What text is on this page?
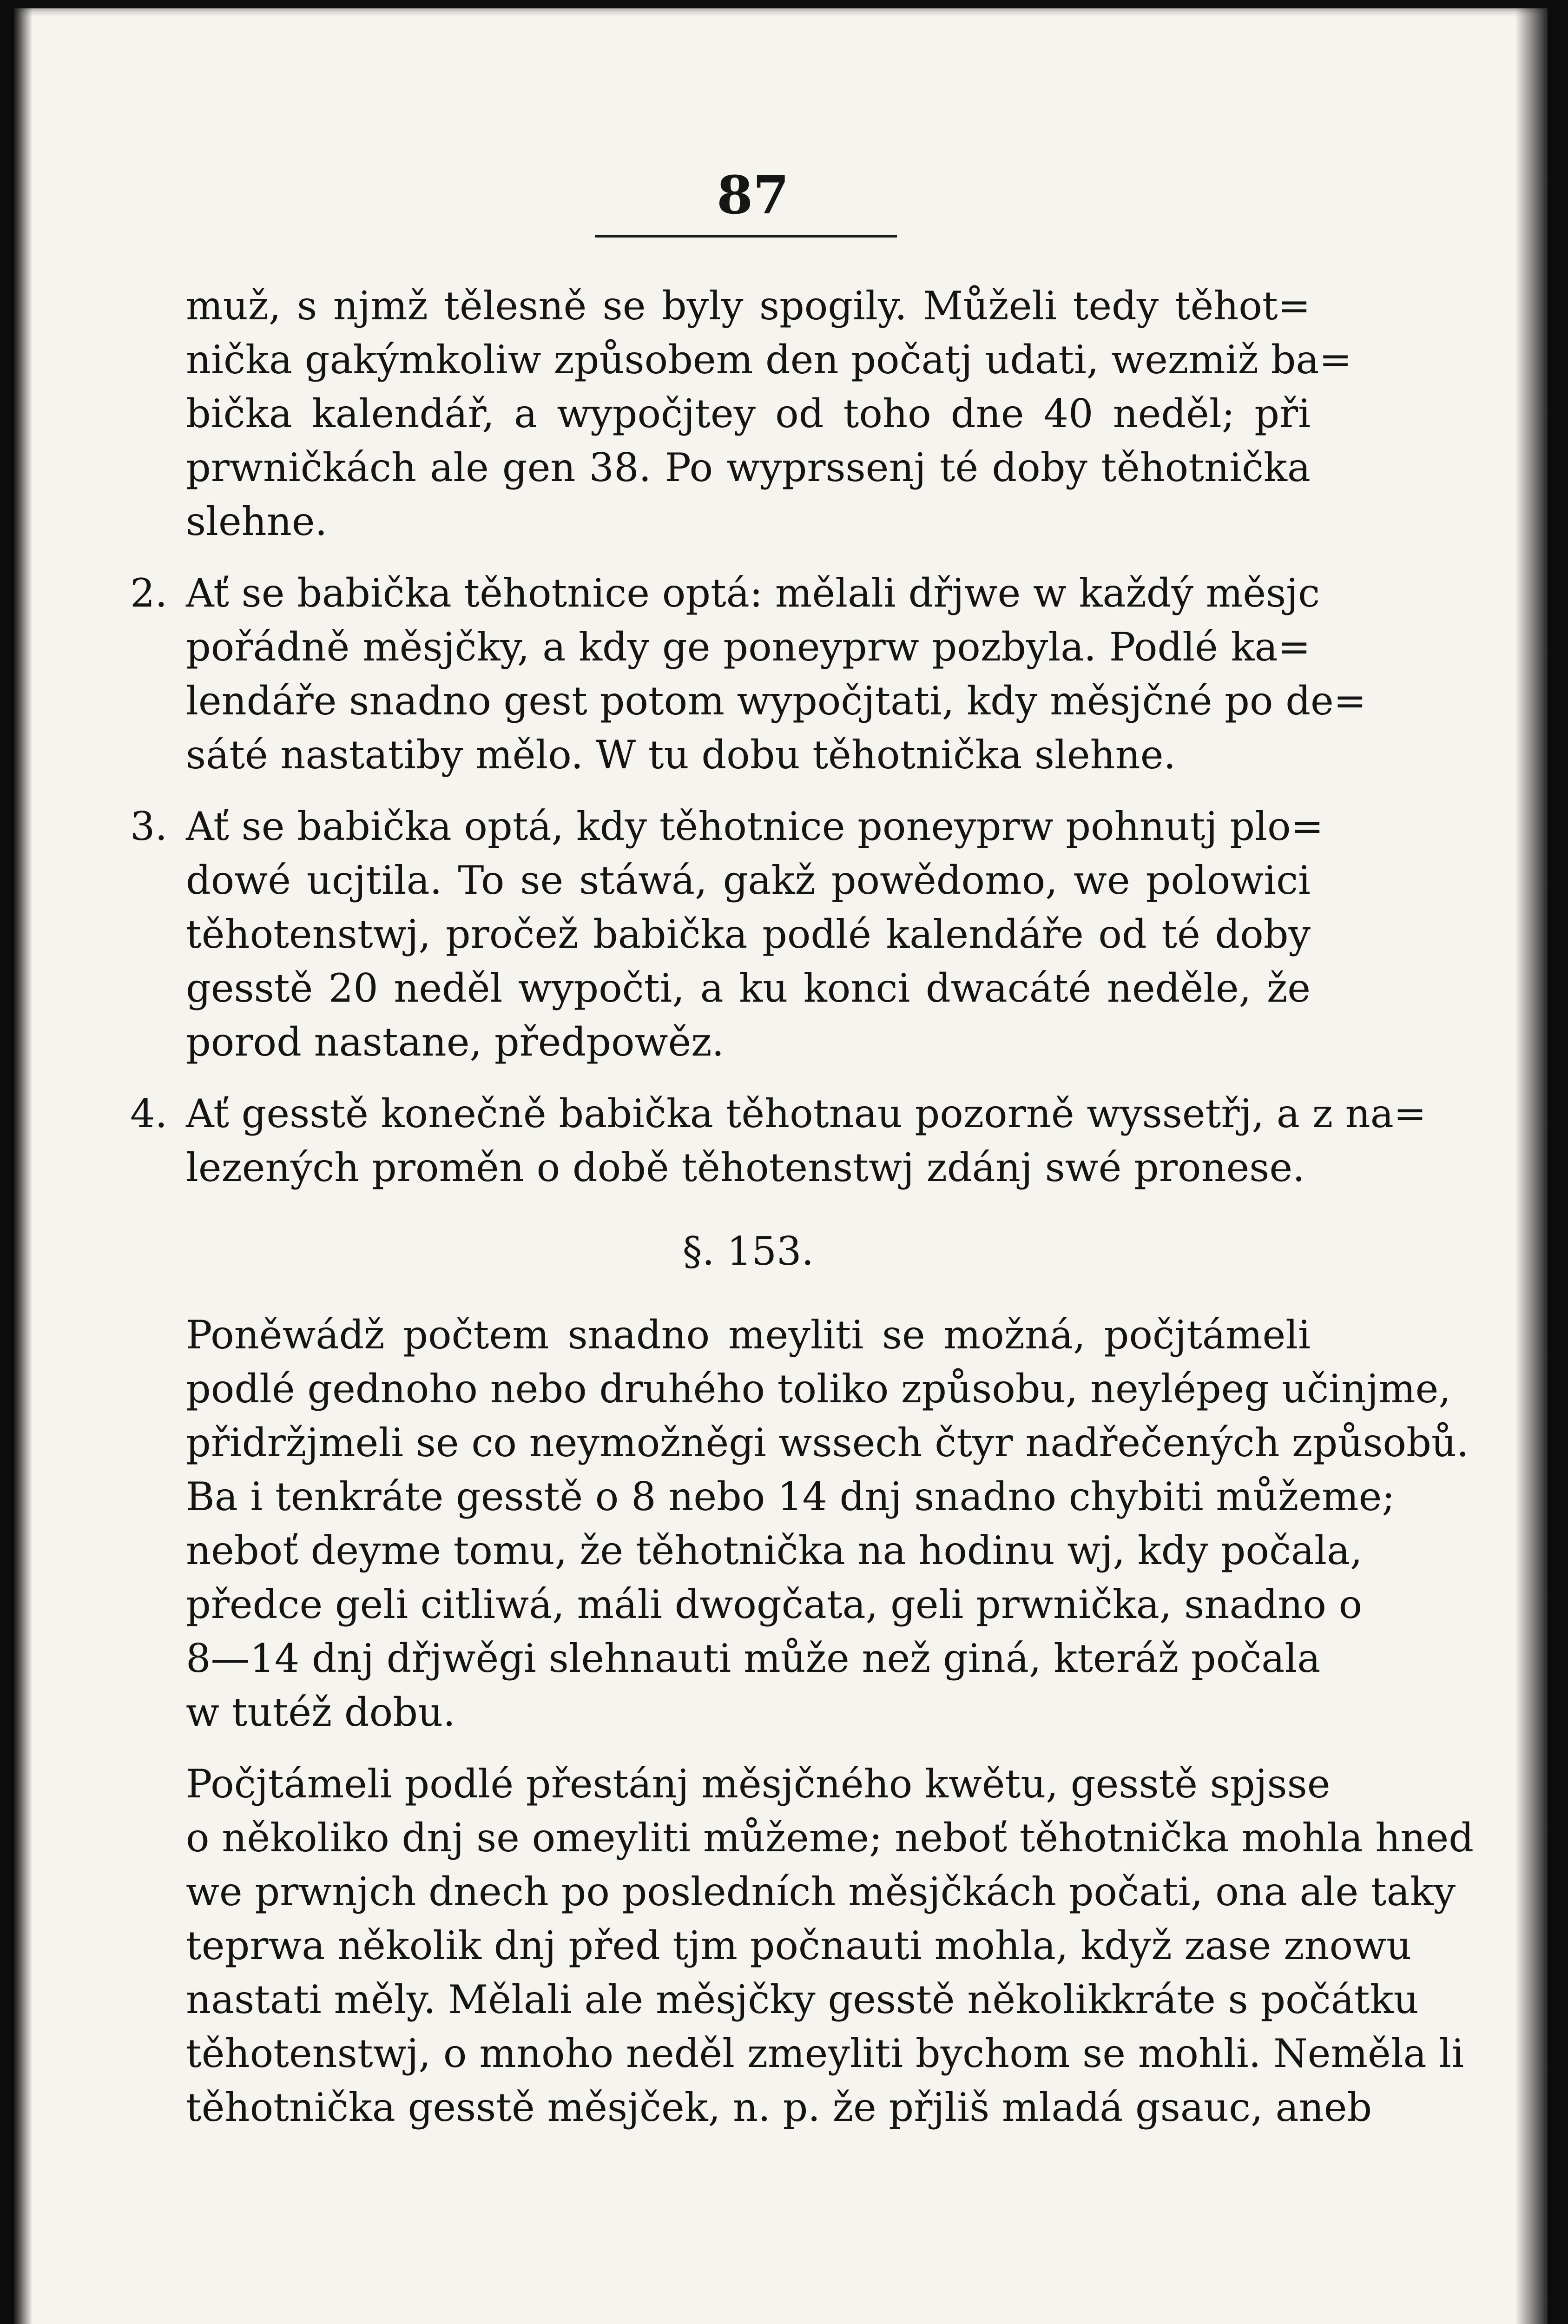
87
muž, s njmž tělesně se byly spogily. Můželi tedy těhot=
nička gakýmkoliw způsobem den počatj udati, wezmiž ba=
bička kalendář, a wypočjtey od toho dne 40 neděl; při
prwničkách ale gen 38. Po wyprssenj té doby těhotnička
slehne.
2. Ať se babička těhotnice optá: mělali dřjwe w každý měsjc
pořádně měsjčky, a kdy ge poneyprw pozbyla. Podlé ka=
lendáře snadno gest potom wypočjtati, kdy měsjčné po de=
sáté nastatiby mělo. W tu dobu těhotnička slehne.
3. Ať se babička optá, kdy těhotnice poneyprw pohnutj plo=
dowé ucjtila. To se stáwá, gakž powědomo, we polowici
těhotenstwj, pročež babička podlé kalendáře od té doby
gesstě 20 neděl wypočti, a ku konci dwacáté neděle, že
porod nastane, předpowěz.
4. Ať gesstě konečně babička těhotnau pozorně wyssetřj, a z na=
lezených proměn o době těhotenstwj zdánj swé pronese.
§. 153.
Poněwádž počtem snadno meyliti se možná, počjtámeli
podlé gednoho nebo druhého toliko způsobu, neylépeg učinjme,
přidržjmeli se co neymožněgi wssech čtyr nadřečených způsobů.
Ba i tenkráte gesstě o 8 nebo 14 dnj snadno chybiti můžeme;
neboť deyme tomu, že těhotnička na hodinu wj, kdy počala,
předce geli citliwá, máli dwogčata, geli prwnička, snadno o
8—14 dnj dřjwěgi slehnauti může než giná, kteráž počala
w tutéž dobu.
Počjtámeli podlé přestánj měsjčného kwětu, gesstě spjsse
o několiko dnj se omeyliti můžeme; neboť těhotnička mohla hned
we prwnjch dnech po posledních měsjčkách počati, ona ale taky
teprwa několik dnj před tjm počnauti mohla, když zase znowu
nastati měly. Mělali ale měsjčky gesstě několikkráte s počátku
těhotenstwj, o mnoho neděl zmeyliti bychom se mohli. Neměla li
těhotnička gesstě měsjček, n. p. že přjliš mladá gsauc, aneb
